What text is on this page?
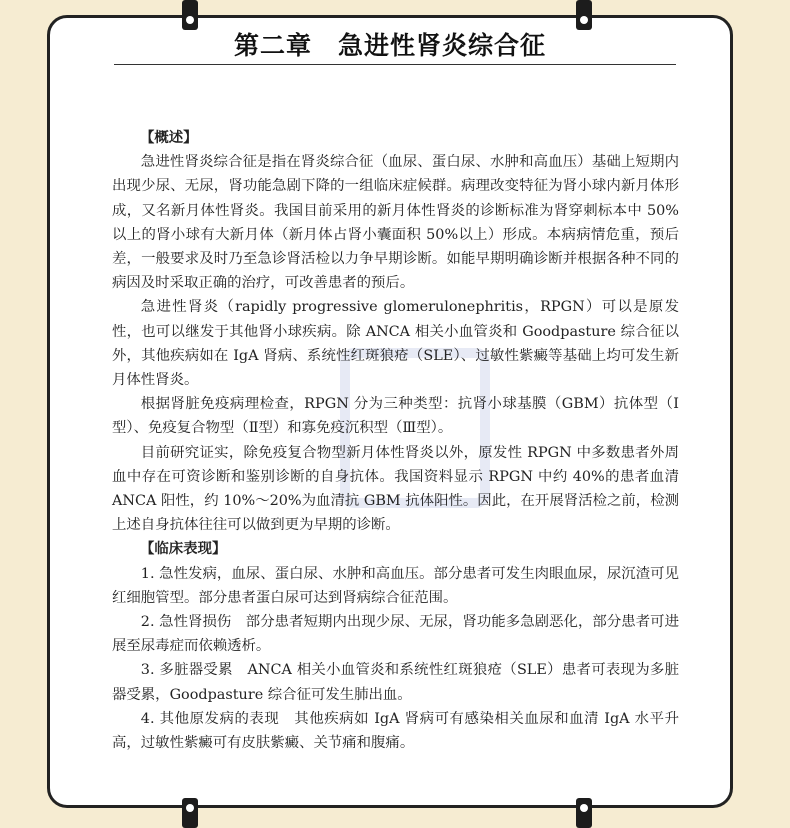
第二章　急进性肾炎综合征
【概述】

急进性肾炎综合征是指在肾炎综合征（血尿、蛋白尿、水肿和高血压）基础上短期内出现少尿、无尿，肾功能急剧下降的一组临床症候群。病理改变特征为肾小球内新月体形成，又名新月体性肾炎。我国目前采用的新月体性肾炎的诊断标准为肾穿刺标本中 50%以上的肾小球有大新月体（新月体占肾小囊面积 50%以上）形成。本病病情危重，预后差，一般要求及时乃至急诊肾活检以力争早期诊断。如能早期明确诊断并根据各种不同的病因及时采取正确的治疗，可改善患者的预后。

急进性肾炎（rapidly progressive glomerulonephritis，RPGN）可以是原发性，也可以继发于其他肾小球疾病。除 ANCA 相关小血管炎和 Goodpasture 综合征以外，其他疾病如在 IgA 肾病、系统性红斑狼疮（SLE）、过敏性紫癜等基础上均可发生新月体性肾炎。

根据肾脏免疫病理检查，RPGN 分为三种类型：抗肾小球基膜（GBM）抗体型（Ⅰ型）、免疫复合物型（Ⅱ型）和寡免疫沉积型（Ⅲ型）。

目前研究证实，除免疫复合物型新月体性肾炎以外，原发性 RPGN 中多数患者外周血中存在可资诊断和鉴别诊断的自身抗体。我国资料显示 RPGN 中约 40%的患者血清 ANCA 阳性，约 10%～20%为血清抗 GBM 抗体阳性。因此，在开展肾活检之前，检测上述自身抗体往往可以做到更为早期的诊断。

【临床表现】

1. 急性发病，血尿、蛋白尿、水肿和高血压。部分患者可发生肉眼血尿，尿沉渣可见红细胞管型。部分患者蛋白尿可达到肾病综合征范围。

2. 急性肾损伤　部分患者短期内出现少尿、无尿，肾功能多急剧恶化，部分患者可进展至尿毒症而依赖透析。

3. 多脏器受累　ANCA 相关小血管炎和系统性红斑狼疮（SLE）患者可表现为多脏器受累，Goodpasture 综合征可发生肺出血。

4. 其他原发病的表现　其他疾病如 IgA 肾病可有感染相关血尿和血清 IgA 水平升高，过敏性紫癜可有皮肤紫癜、关节痛和腹痛。
